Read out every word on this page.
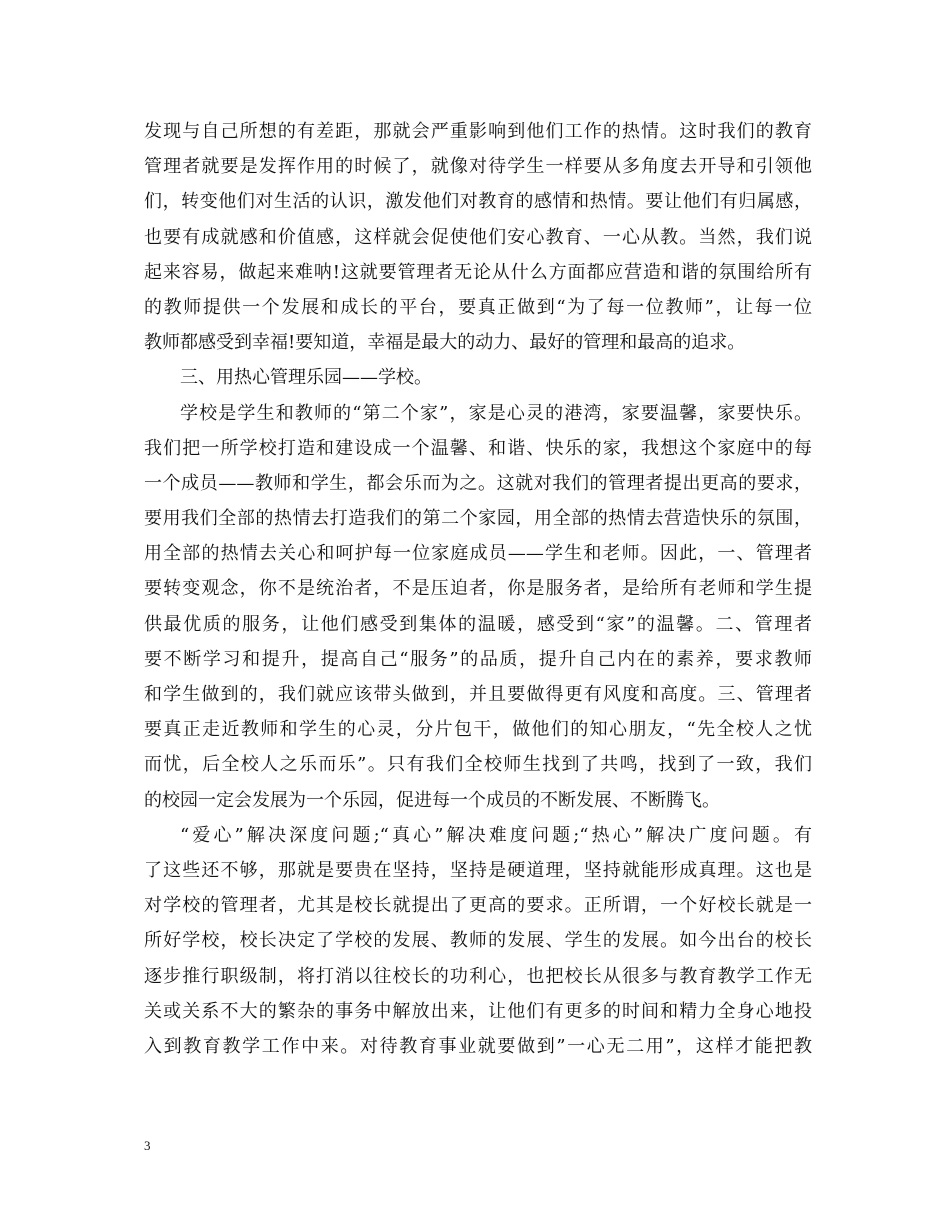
发现与自己所想的有差距，那就会严重影响到他们工作的热情。这时我们的教育
管理者就要是发挥作用的时候了，就像对待学生一样要从多角度去开导和引领他
们，转变他们对生活的认识，激发他们对教育的感情和热情。要让他们有归属感，
也要有成就感和价值感，这样就会促使他们安心教育、一心从教。当然，我们说
起来容易，做起来难呐!这就要管理者无论从什么方面都应营造和谐的氛围给所有
的教师提供一个发展和成长的平台，要真正做到“为了每一位教师”，让每一位
教师都感受到幸福!要知道，幸福是最大的动力、最好的管理和最高的追求。
三、用热心管理乐园——学校。
学校是学生和教师的“第二个家”，家是心灵的港湾，家要温馨，家要快乐。
我们把一所学校打造和建设成一个温馨、和谐、快乐的家，我想这个家庭中的每
一个成员——教师和学生，都会乐而为之。这就对我们的管理者提出更高的要求，
要用我们全部的热情去打造我们的第二个家园，用全部的热情去营造快乐的氛围，
用全部的热情去关心和呵护每一位家庭成员——学生和老师。因此，一、管理者
要转变观念，你不是统治者，不是压迫者，你是服务者，是给所有老师和学生提
供最优质的服务，让他们感受到集体的温暖，感受到“家”的温馨。二、管理者
要不断学习和提升，提高自己“服务”的品质，提升自己内在的素养，要求教师
和学生做到的，我们就应该带头做到，并且要做得更有风度和高度。三、管理者
要真正走近教师和学生的心灵，分片包干，做他们的知心朋友，“先全校人之忧
而忧，后全校人之乐而乐”。只有我们全校师生找到了共鸣，找到了一致，我们
的校园一定会发展为一个乐园，促进每一个成员的不断发展、不断腾飞。
“爱心”解决深度问题;“真心”解决难度问题;“热心”解决广度问题。有
了这些还不够，那就是要贵在坚持，坚持是硬道理，坚持就能形成真理。这也是
对学校的管理者，尤其是校长就提出了更高的要求。正所谓，一个好校长就是一
所好学校，校长决定了学校的发展、教师的发展、学生的发展。如今出台的校长
逐步推行职级制，将打消以往校长的功利心，也把校长从很多与教育教学工作无
关或关系不大的繁杂的事务中解放出来，让他们有更多的时间和精力全身心地投
入到教育教学工作中来。对待教育事业就要做到”一心无二用”，这样才能把教
3
